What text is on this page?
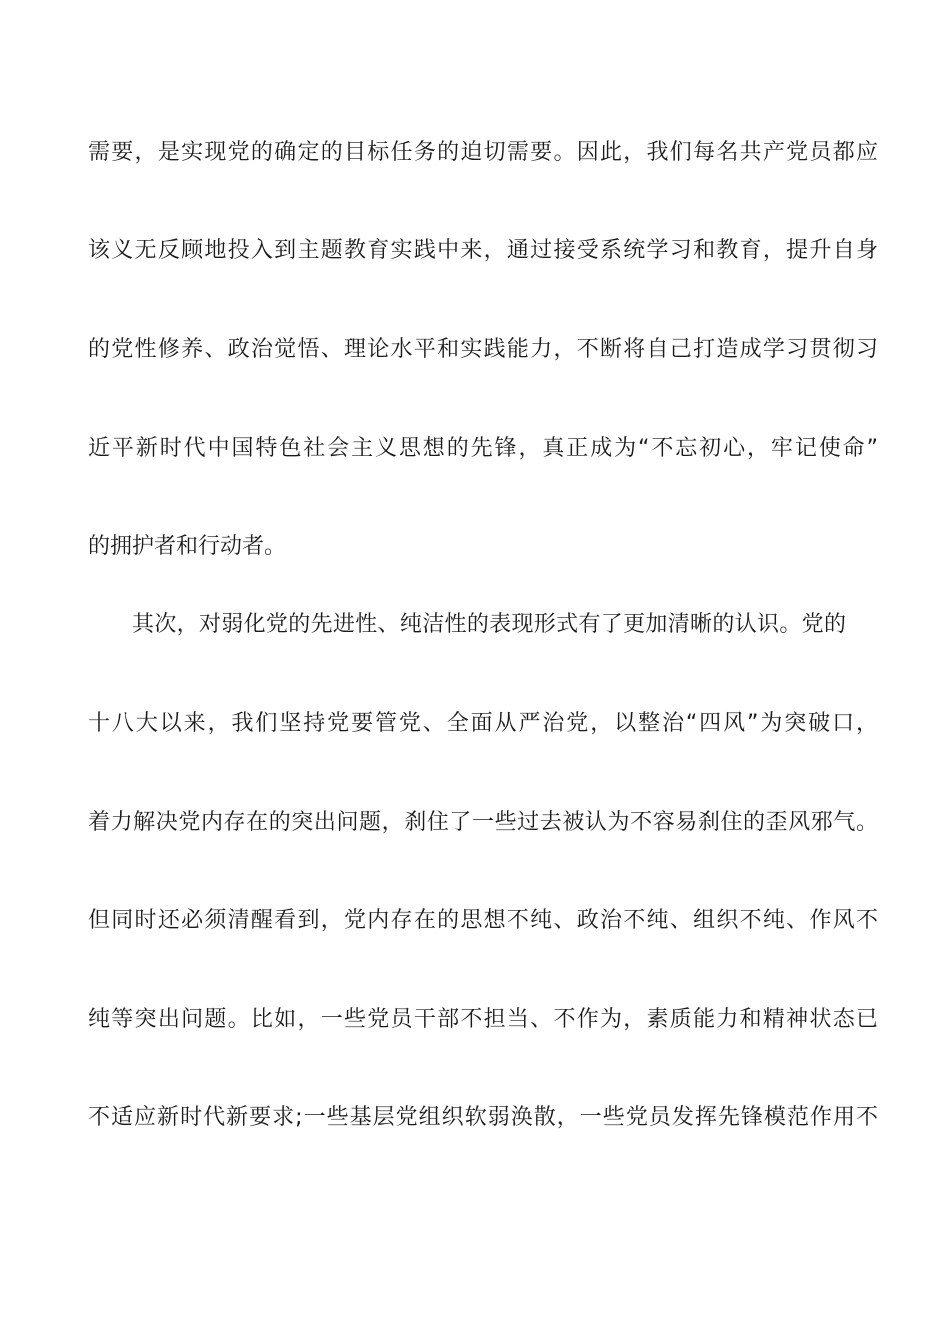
需要，是实现党的确定的目标任务的迫切需要。因此，我们每名共产党员都应
该义无反顾地投入到主题教育实践中来，通过接受系统学习和教育，提升自身
的党性修养、政治觉悟、理论水平和实践能力，不断将自己打造成学习贯彻习
近平新时代中国特色社会主义思想的先锋，真正成为“不忘初心，牢记使命”
的拥护者和行动者。
其次，对弱化党的先进性、纯洁性的表现形式有了更加清晰的认识。党的
十八大以来，我们坚持党要管党、全面从严治党，以整治“四风”为突破口，
着力解决党内存在的突出问题，刹住了一些过去被认为不容易刹住的歪风邪气。
但同时还必须清醒看到，党内存在的思想不纯、政治不纯、组织不纯、作风不
纯等突出问题。比如，一些党员干部不担当、不作为，素质能力和精神状态已
不适应新时代新要求;一些基层党组织软弱涣散，一些党员发挥先锋模范作用不
